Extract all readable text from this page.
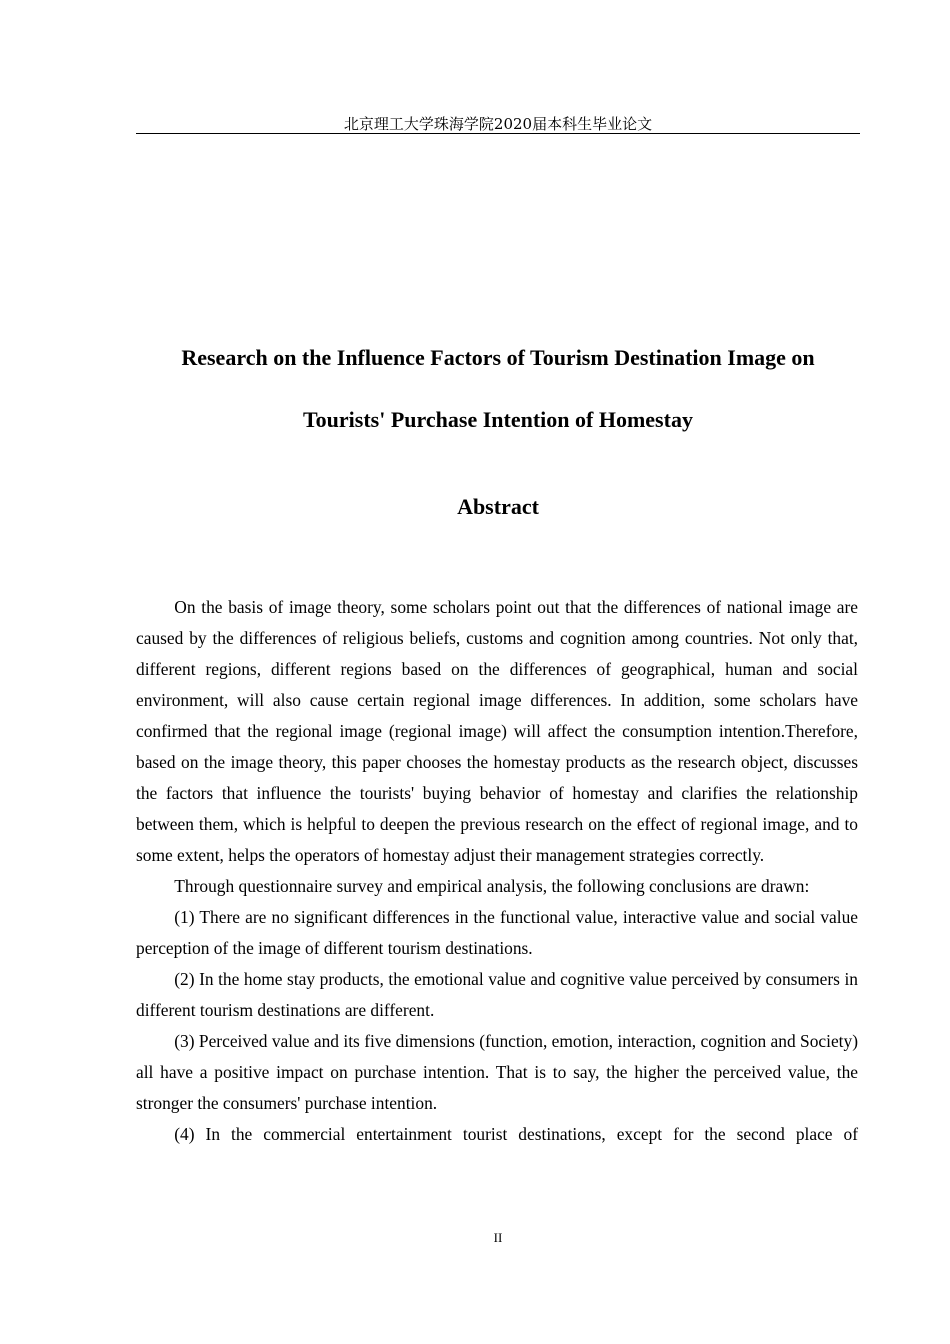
北京理工大学珠海学院2020届本科生毕业论文
Research on the Influence Factors of Tourism Destination Image on
Tourists' Purchase Intention of Homestay
Abstract

On the basis of image theory, some scholars point out that the differences of national image are caused by the differences of religious beliefs, customs and cognition among countries. Not only that, different regions, different regions based on the differences of geographical, human and social environment, will also cause certain regional image differences. In addition, some scholars have confirmed that the regional image (regional image) will affect the consumption intention.Therefore, based on the image theory, this paper chooses the homestay products as the research object, discusses the factors that influence the tourists' buying behavior of homestay and clarifies the relationship between them, which is helpful to deepen the previous research on the effect of regional image, and to some extent, helps the operators of homestay adjust their management strategies correctly.

Through questionnaire survey and empirical analysis, the following conclusions are drawn:

(1) There are no significant differences in the functional value, interactive value and social value perception of the image of different tourism destinations.

(2) In the home stay products, the emotional value and cognitive value perceived by consumers in different tourism destinations are different.

(3) Perceived value and its five dimensions (function, emotion, interaction, cognition and Society) all have a positive impact on purchase intention. That is to say, the higher the perceived value, the stronger the consumers' purchase intention.

(4) In the commercial entertainment tourist destinations, except for the second place of

II
